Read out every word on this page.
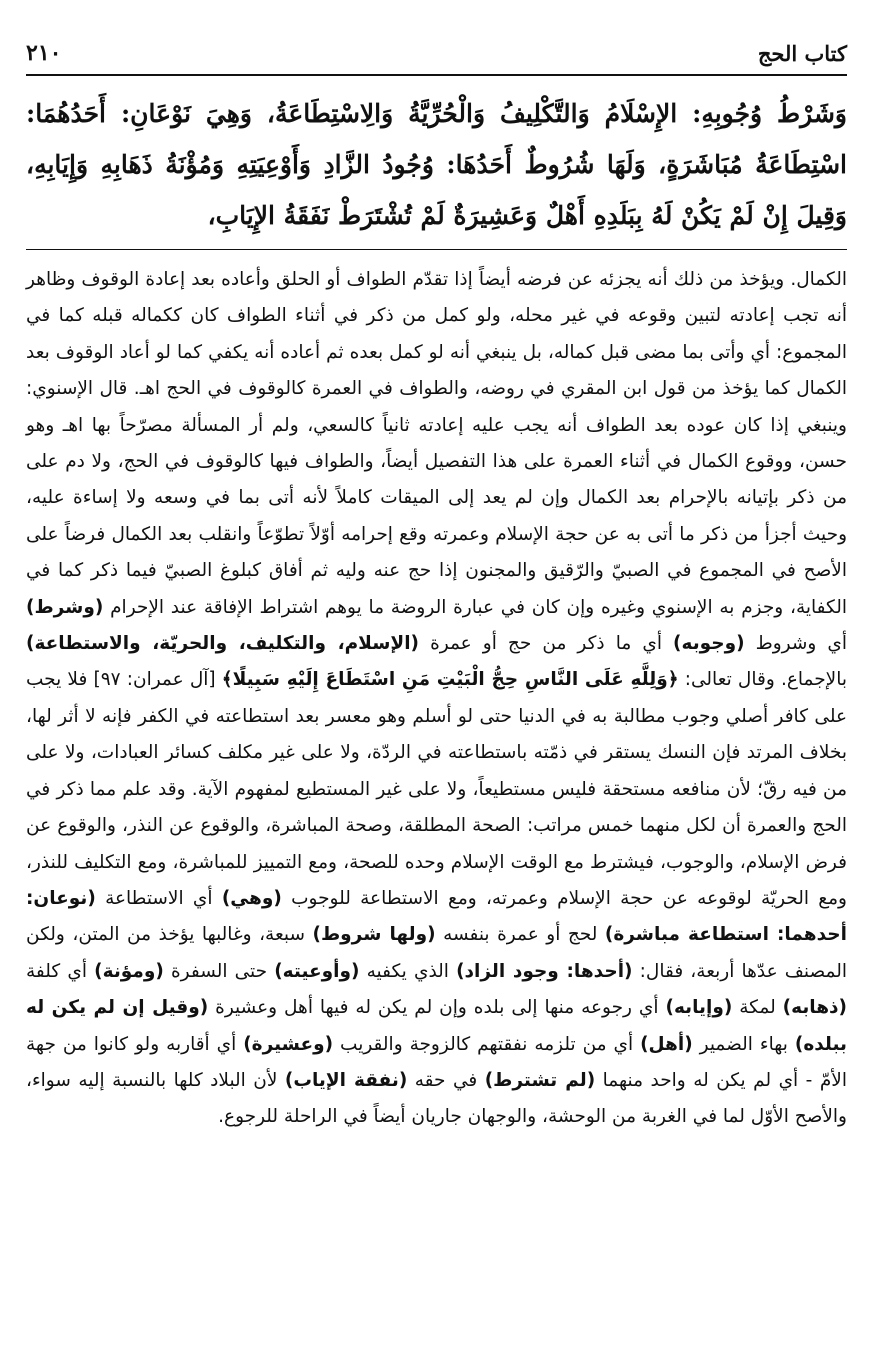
٢١٠	كتاب الحج
وَشَرْطُ وُجُوبِهِ: الإِسْلَامُ وَالتَّكْلِيفُ وَالْحُرِّيَّةُ وَالِاسْتِطَاعَةُ، وَهِيَ نَوْعَانِ: أَحَدُهُمَا: اسْتِطَاعَةُ مُبَاشَرَةٍ، وَلَهَا شُرُوطٌ أَحَدُهَا: وُجُودُ الزَّادِ وَأَوْعِيَتِهِ وَمُؤْنَةُ ذَهَابِهِ وَإِيَابِهِ، وَقِيلَ إِنْ لَمْ يَكُنْ لَهُ بِبَلَدِهِ أَهْلٌ وَعَشِيرَةٌ لَمْ تُشْتَرَطْ نَفَقَةُ الإِيَابِ،

الكمال. ويؤخذ من ذلك أنه يجزئه عن فرضه أيضاً إذا تقدّم الطواف أو الحلق وأعاده بعد إعادة الوقوف وظاهر أنه تجب إعادته لتبين وقوعه في غير محله، ولو كمل من ذكر في أثناء الطواف كان ككماله قبله كما في المجموع: أي وأتى بما مضى قبل كماله، بل ينبغي أنه لو كمل بعده ثم أعاده أنه يكفي كما لو أعاد الوقوف بعد الكمال كما يؤخذ من قول ابن المقري في روضه، والطواف في العمرة كالوقوف في الحج اهـ. قال الإسنوي: وينبغي إذا كان عوده بعد الطواف أنه يجب عليه إعادته ثانياً كالسعي، ولم أر المسألة مصرّحاً بها اهـ وهو حسن، ووقوع الكمال في أثناء العمرة على هذا التفصيل أيضاً، والطواف فيها كالوقوف في الحج، ولا دم على من ذكر بإتيانه بالإحرام بعد الكمال وإن لم يعد إلى الميقات كاملاً لأنه أتى بما في وسعه ولا إساءة عليه، وحيث أجزأ من ذكر ما أتى به عن حجة الإسلام وعمرته وقع إحرامه أوّلاً تطوّعاً وانقلب بعد الكمال فرضاً على الأصح في المجموع في الصبيّ والرّقيق والمجنون إذا حج عنه وليه ثم أفاق كبلوغ الصبيّ فيما ذكر كما في الكفاية، وجزم به الإسنوي وغيره وإن كان في عبارة الروضة ما يوهم اشتراط الإفاقة عند الإحرام (وشرط) أي وشروط (وجوبه) أي ما ذكر من حج أو عمرة (الإسلام، والتكليف، والحريّة، والاستطاعة) بالإجماع. وقال تعالى: ﴿وَلِلَّهِ عَلَى النَّاسِ حِجُّ الْبَيْتِ مَنِ اسْتَطَاعَ إِلَيْهِ سَبِيلًا﴾ [آل عمران: ٩٧] فلا يجب على كافر أصلي وجوب مطالبة به في الدنيا حتى لو أسلم وهو معسر بعد استطاعته في الكفر فإنه لا أثر لها، بخلاف المرتد فإن النسك يستقر في ذمّته باستطاعته في الردّة، ولا على غير مكلف كسائر العبادات، ولا على من فيه رقّ؛ لأن منافعه مستحقة فليس مستطيعاً، ولا على غير المستطيع لمفهوم الآية. وقد علم مما ذكر في الحج والعمرة أن لكل منهما خمس مراتب: الصحة المطلقة، وصحة المباشرة، والوقوع عن النذر، والوقوع عن فرض الإسلام، والوجوب، فيشترط مع الوقت الإسلام وحده للصحة، ومع التمييز للمباشرة، ومع التكليف للنذر، ومع الحريّة لوقوعه عن حجة الإسلام وعمرته، ومع الاستطاعة للوجوب (وهي) أي الاستطاعة (نوعان: أحدهما: استطاعة مباشرة) لحج أو عمرة بنفسه (ولها شروط) سبعة، وغالبها يؤخذ من المتن، ولكن المصنف عدّها أربعة، فقال: (أحدها: وجود الزاد) الذي يكفيه (وأوعيته) حتى السفرة (ومؤنة) أي كلفة (ذهابه) لمكة (وإيابه) أي رجوعه منها إلى بلده وإن لم يكن له فيها أهل وعشيرة (وقيل إن لم يكن له ببلده) بهاء الضمير (أهل) أي من تلزمه نفقتهم كالزوجة والقريب (وعشيرة) أي أقاربه ولو كانوا من جهة الأمّ - أي لم يكن له واحد منهما (لم تشترط) في حقه (نفقة الإياب) لأن البلاد كلها بالنسبة إليه سواء، والأصح الأوّل لما في الغربة من الوحشة، والوجهان جاريان أيضاً في الراحلة للرجوع.
